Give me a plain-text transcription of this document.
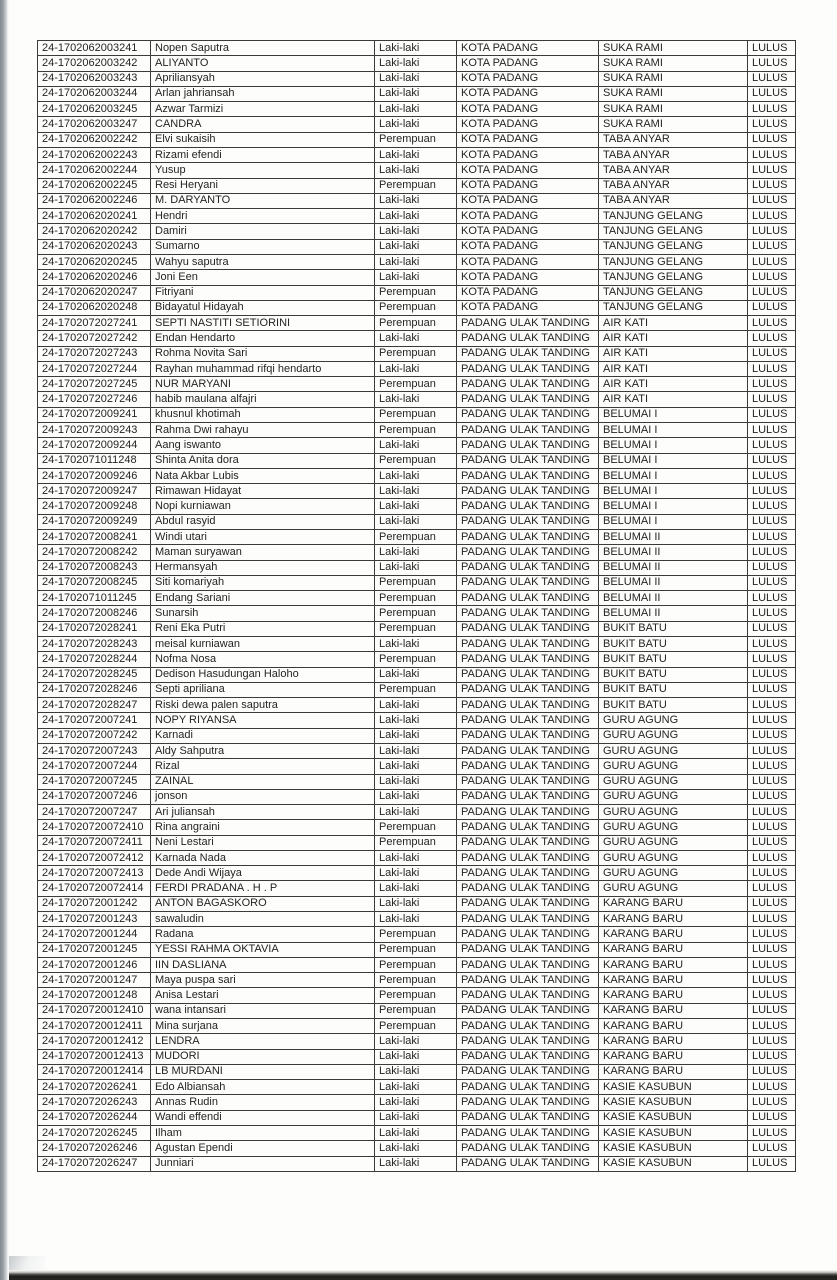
24-1702062003241	Nopen Saputra	Laki-laki	KOTA PADANG	SUKA RAMI	LULUS
24-1702062003242	ALIYANTO	Laki-laki	KOTA PADANG	SUKA RAMI	LULUS
24-1702062003243	Apriliansyah	Laki-laki	KOTA PADANG	SUKA RAMI	LULUS
24-1702062003244	Arlan jahriansah	Laki-laki	KOTA PADANG	SUKA RAMI	LULUS
24-1702062003245	Azwar Tarmizi	Laki-laki	KOTA PADANG	SUKA RAMI	LULUS
24-1702062003247	CANDRA	Laki-laki	KOTA PADANG	SUKA RAMI	LULUS
24-1702062002242	Elvi sukaisih	Perempuan	KOTA PADANG	TABA ANYAR	LULUS
24-1702062002243	Rizami efendi	Laki-laki	KOTA PADANG	TABA ANYAR	LULUS
24-1702062002244	Yusup	Laki-laki	KOTA PADANG	TABA ANYAR	LULUS
24-1702062002245	Resi Heryani	Perempuan	KOTA PADANG	TABA ANYAR	LULUS
24-1702062002246	M. DARYANTO	Laki-laki	KOTA PADANG	TABA ANYAR	LULUS
24-1702062020241	Hendri	Laki-laki	KOTA PADANG	TANJUNG GELANG	LULUS
24-1702062020242	Damiri	Laki-laki	KOTA PADANG	TANJUNG GELANG	LULUS
24-1702062020243	Sumarno	Laki-laki	KOTA PADANG	TANJUNG GELANG	LULUS
24-1702062020245	Wahyu saputra	Laki-laki	KOTA PADANG	TANJUNG GELANG	LULUS
24-1702062020246	Joni Een	Laki-laki	KOTA PADANG	TANJUNG GELANG	LULUS
24-1702062020247	Fitriyani	Perempuan	KOTA PADANG	TANJUNG GELANG	LULUS
24-1702062020248	Bidayatul Hidayah	Perempuan	KOTA PADANG	TANJUNG GELANG	LULUS
24-1702072027241	SEPTI NASTITI SETIORINI	Perempuan	PADANG ULAK TANDING	AIR KATI	LULUS
24-1702072027242	Endan Hendarto	Laki-laki	PADANG ULAK TANDING	AIR KATI	LULUS
24-1702072027243	Rohma Novita Sari	Perempuan	PADANG ULAK TANDING	AIR KATI	LULUS
24-1702072027244	Rayhan muhammad rifqi hendarto	Laki-laki	PADANG ULAK TANDING	AIR KATI	LULUS
24-1702072027245	NUR MARYANI	Perempuan	PADANG ULAK TANDING	AIR KATI	LULUS
24-1702072027246	habib maulana alfajri	Laki-laki	PADANG ULAK TANDING	AIR KATI	LULUS
24-1702072009241	khusnul khotimah	Perempuan	PADANG ULAK TANDING	BELUMAI I	LULUS
24-1702072009243	Rahma Dwi rahayu	Perempuan	PADANG ULAK TANDING	BELUMAI I	LULUS
24-1702072009244	Aang iswanto	Laki-laki	PADANG ULAK TANDING	BELUMAI I	LULUS
24-1702071011248	Shinta Anita dora	Perempuan	PADANG ULAK TANDING	BELUMAI I	LULUS
24-1702072009246	Nata Akbar Lubis	Laki-laki	PADANG ULAK TANDING	BELUMAI I	LULUS
24-1702072009247	Rimawan Hidayat	Laki-laki	PADANG ULAK TANDING	BELUMAI I	LULUS
24-1702072009248	Nopi kurniawan	Laki-laki	PADANG ULAK TANDING	BELUMAI I	LULUS
24-1702072009249	Abdul rasyid	Laki-laki	PADANG ULAK TANDING	BELUMAI I	LULUS
24-1702072008241	Windi utari	Perempuan	PADANG ULAK TANDING	BELUMAI II	LULUS
24-1702072008242	Maman suryawan	Laki-laki	PADANG ULAK TANDING	BELUMAI II	LULUS
24-1702072008243	Hermansyah	Laki-laki	PADANG ULAK TANDING	BELUMAI II	LULUS
24-1702072008245	Siti komariyah	Perempuan	PADANG ULAK TANDING	BELUMAI II	LULUS
24-1702071011245	Endang Sariani	Perempuan	PADANG ULAK TANDING	BELUMAI II	LULUS
24-1702072008246	Sunarsih	Perempuan	PADANG ULAK TANDING	BELUMAI II	LULUS
24-1702072028241	Reni Eka Putri	Perempuan	PADANG ULAK TANDING	BUKIT BATU	LULUS
24-1702072028243	meisal kurniawan	Laki-laki	PADANG ULAK TANDING	BUKIT BATU	LULUS
24-1702072028244	Nofma Nosa	Perempuan	PADANG ULAK TANDING	BUKIT BATU	LULUS
24-1702072028245	Dedison Hasudungan Haloho	Laki-laki	PADANG ULAK TANDING	BUKIT BATU	LULUS
24-1702072028246	Septi apriliana	Perempuan	PADANG ULAK TANDING	BUKIT BATU	LULUS
24-1702072028247	Riski dewa palen saputra	Laki-laki	PADANG ULAK TANDING	BUKIT BATU	LULUS
24-1702072007241	NOPY RIYANSA	Laki-laki	PADANG ULAK TANDING	GURU AGUNG	LULUS
24-1702072007242	Karnadi	Laki-laki	PADANG ULAK TANDING	GURU AGUNG	LULUS
24-1702072007243	Aldy Sahputra	Laki-laki	PADANG ULAK TANDING	GURU AGUNG	LULUS
24-1702072007244	Rizal	Laki-laki	PADANG ULAK TANDING	GURU AGUNG	LULUS
24-1702072007245	ZAINAL	Laki-laki	PADANG ULAK TANDING	GURU AGUNG	LULUS
24-1702072007246	jonson	Laki-laki	PADANG ULAK TANDING	GURU AGUNG	LULUS
24-1702072007247	Ari juliansah	Laki-laki	PADANG ULAK TANDING	GURU AGUNG	LULUS
24-17020720072410	Rina angraini	Perempuan	PADANG ULAK TANDING	GURU AGUNG	LULUS
24-17020720072411	Neni Lestari	Perempuan	PADANG ULAK TANDING	GURU AGUNG	LULUS
24-17020720072412	Karnada Nada	Laki-laki	PADANG ULAK TANDING	GURU AGUNG	LULUS
24-17020720072413	Dede Andi Wijaya	Laki-laki	PADANG ULAK TANDING	GURU AGUNG	LULUS
24-17020720072414	FERDI PRADANA . H . P	Laki-laki	PADANG ULAK TANDING	GURU AGUNG	LULUS
24-1702072001242	ANTON BAGASKORO	Laki-laki	PADANG ULAK TANDING	KARANG BARU	LULUS
24-1702072001243	sawaludin	Laki-laki	PADANG ULAK TANDING	KARANG BARU	LULUS
24-1702072001244	Radana	Perempuan	PADANG ULAK TANDING	KARANG BARU	LULUS
24-1702072001245	YESSI RAHMA OKTAVIA	Perempuan	PADANG ULAK TANDING	KARANG BARU	LULUS
24-1702072001246	IIN DASLIANA	Perempuan	PADANG ULAK TANDING	KARANG BARU	LULUS
24-1702072001247	Maya puspa sari	Perempuan	PADANG ULAK TANDING	KARANG BARU	LULUS
24-1702072001248	Anisa Lestari	Perempuan	PADANG ULAK TANDING	KARANG BARU	LULUS
24-17020720012410	wana intansari	Perempuan	PADANG ULAK TANDING	KARANG BARU	LULUS
24-17020720012411	Mina surjana	Perempuan	PADANG ULAK TANDING	KARANG BARU	LULUS
24-17020720012412	LENDRA	Laki-laki	PADANG ULAK TANDING	KARANG BARU	LULUS
24-17020720012413	MUDORI	Laki-laki	PADANG ULAK TANDING	KARANG BARU	LULUS
24-17020720012414	LB MURDANI	Laki-laki	PADANG ULAK TANDING	KARANG BARU	LULUS
24-1702072026241	Edo Albiansah	Laki-laki	PADANG ULAK TANDING	KASIE KASUBUN	LULUS
24-1702072026243	Annas Rudin	Laki-laki	PADANG ULAK TANDING	KASIE KASUBUN	LULUS
24-1702072026244	Wandi effendi	Laki-laki	PADANG ULAK TANDING	KASIE KASUBUN	LULUS
24-1702072026245	Ilham	Laki-laki	PADANG ULAK TANDING	KASIE KASUBUN	LULUS
24-1702072026246	Agustan Ependi	Laki-laki	PADANG ULAK TANDING	KASIE KASUBUN	LULUS
24-1702072026247	Junniari	Laki-laki	PADANG ULAK TANDING	KASIE KASUBUN	LULUS
